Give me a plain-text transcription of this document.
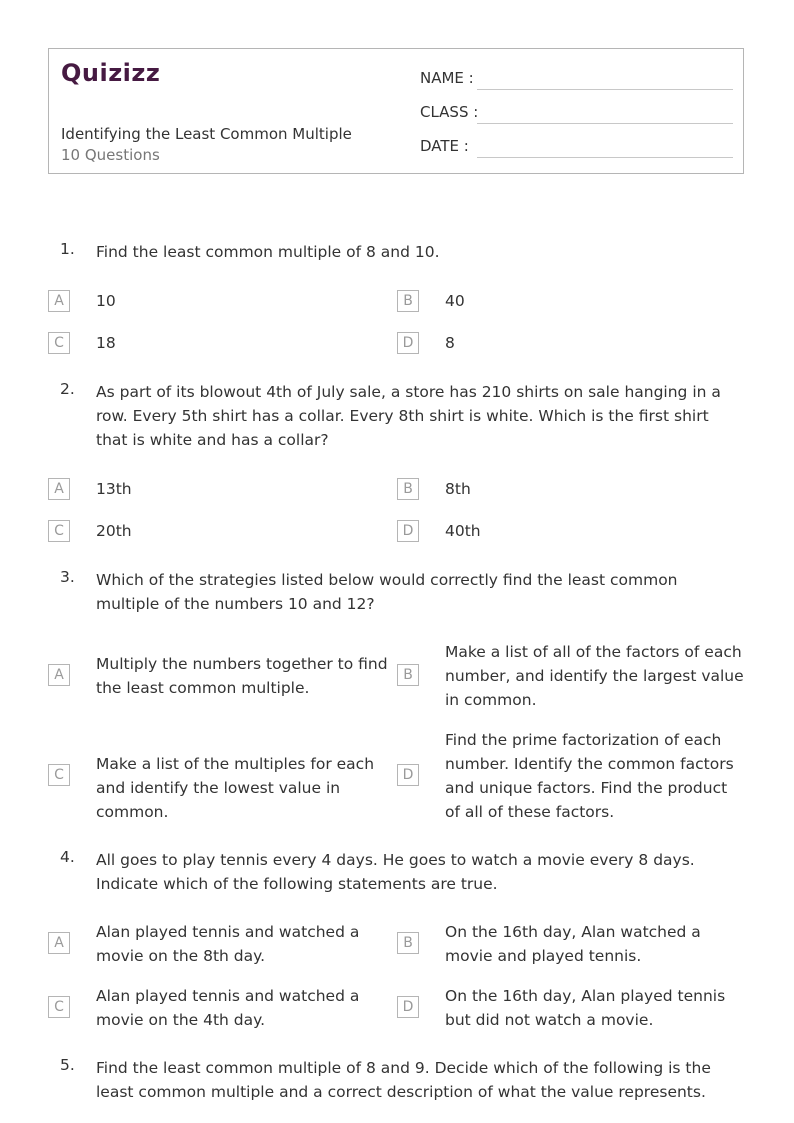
Quizizz
Identifying the Least Common Multiple
10 Questions
NAME :
CLASS :
DATE :
1. Find the least common multiple of 8 and 10.
A	10	B	40
C	18	D	8
2. As part of its blowout 4th of July sale, a store has 210 shirts on sale hanging in a row. Every 5th shirt has a collar. Every 8th shirt is white. Which is the first shirt that is white and has a collar?
A	13th	B	8th
C	20th	D	40th
3. Which of the strategies listed below would correctly find the least common multiple of the numbers 10 and 12?
A
Multiply the numbers together to find the least common multiple.
B
Make a list of all of the factors of each number, and identify the largest value in common.
C
Make a list of the multiples for each and identify the lowest value in common.
D
Find the prime factorization of each number. Identify the common factors and unique factors. Find the product of all of these factors.
4. All goes to play tennis every 4 days. He goes to watch a movie every 8 days. Indicate which of the following statements are true.
A
Alan played tennis and watched a movie on the 8th day.
B
On the 16th day, Alan watched a movie and played tennis.
C
Alan played tennis and watched a movie on the 4th day.
D
On the 16th day, Alan played tennis but did not watch a movie.
5. Find the least common multiple of 8 and 9. Decide which of the following is the least common multiple and a correct description of what the value represents.
